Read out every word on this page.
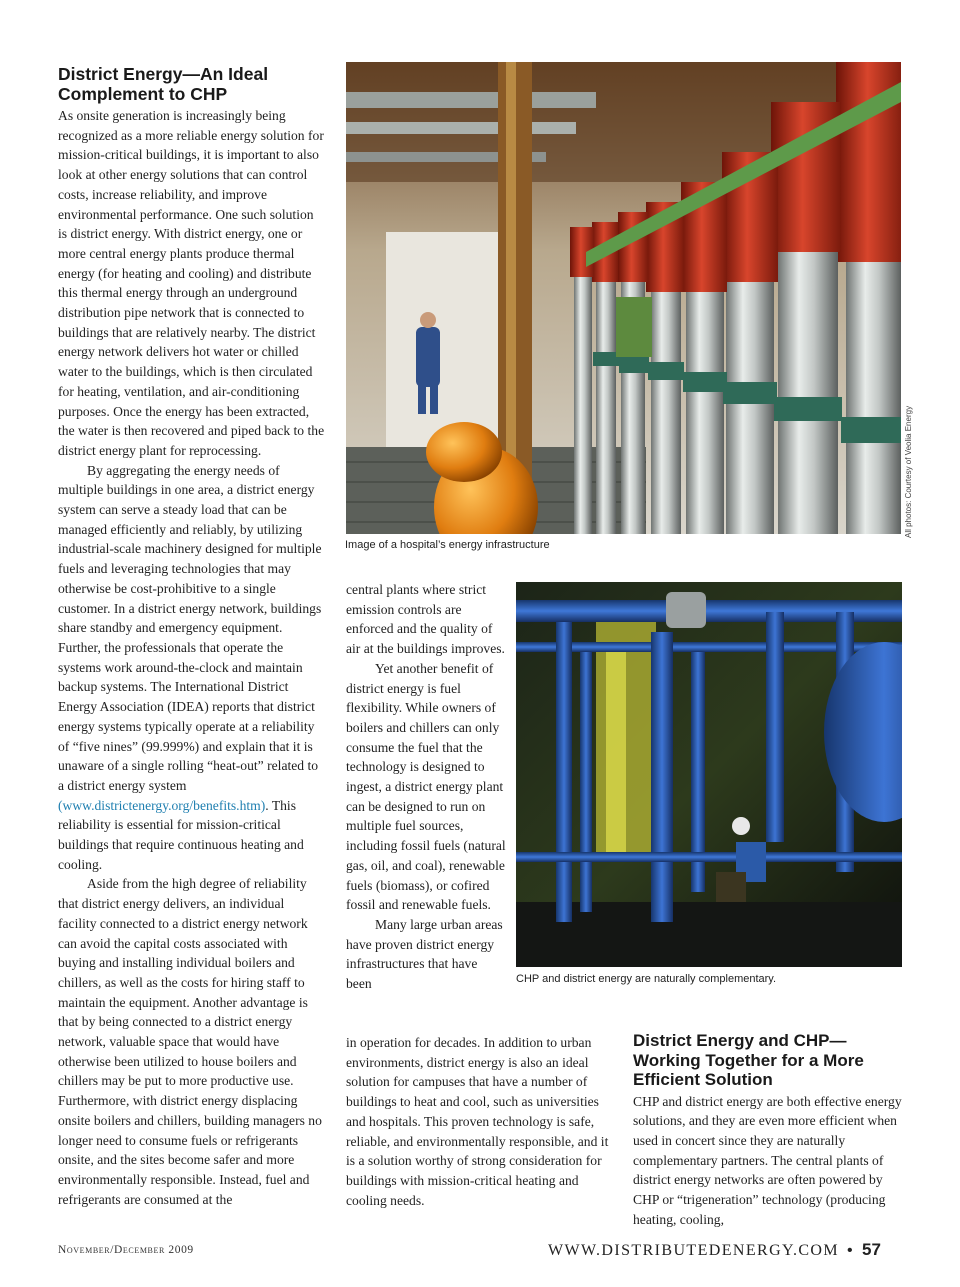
District Energy—An Ideal
Complement to CHP

As onsite generation is increasingly being recognized as a more reliable energy solution for mission-critical buildings, it is important to also look at other energy solutions that can control costs, increase reliability, and improve environmental performance. One such solution is district energy. With district energy, one or more central energy plants produce thermal energy (for heating and cooling) and distribute this thermal energy through an underground distribution pipe network that is connected to buildings that are relatively nearby. The district energy network delivers hot water or chilled water to the buildings, which is then circulated for heating, ventilation, and air-conditioning purposes. Once the energy has been extracted, the water is then recovered and piped back to the district energy plant for reprocessing.

By aggregating the energy needs of multiple buildings in one area, a district energy system can serve a steady load that can be managed efficiently and reliably, by utilizing industrial-scale machinery designed for multiple fuels and leveraging technologies that may otherwise be cost-prohibitive to a single customer. In a district energy network, buildings share standby and emergency equipment. Further, the professionals that operate the systems work around-the-clock and maintain backup systems. The International District Energy Association (IDEA) reports that district energy systems typically operate at a reliability of “five nines” (99.999%) and explain that it is unaware of a single rolling “heat-out” related to a district energy system (www.districtenergy.org/benefits.htm). This reliability is essential for mission-critical buildings that require continuous heating and cooling.

Aside from the high degree of reliability that district energy delivers, an individual facility connected to a district energy network can avoid the capital costs associated with buying and installing individual boilers and chillers, as well as the costs for hiring staff to maintain the equipment. Another advantage is that by being connected to a district energy network, valuable space that would have otherwise been utilized to house boilers and chillers may be put to more productive use. Furthermore, with district energy displacing onsite boilers and chillers, building managers no longer need to consume fuels or refrigerants onsite, and the sites become safer and more environmentally responsible. Instead, fuel and refrigerants are consumed at the

All photos: Courtesy of Veolia Energy
Image of a hospital’s energy infrastructure

central plants where strict emission controls are enforced and the quality of air at the buildings improves.

Yet another benefit of district energy is fuel flexibility. While owners of boilers and chillers can only consume the fuel that the technology is designed to ingest, a district energy plant can be designed to run on multiple fuel sources, including fossil fuels (natural gas, oil, and coal), renewable fuels (biomass), or cofired fossil and renewable fuels.

Many large urban areas have proven district energy infrastructures that have been

in operation for decades. In addition to urban environments, district energy is also an ideal solution for campuses that have a number of buildings to heat and cool, such as universities and hospitals. This proven technology is safe, reliable, and environmentally responsible, and it is a solution worthy of strong consideration for buildings with mission-critical heating and cooling needs.

CHP and district energy are naturally complementary.
District Energy and CHP—
Working Together for a More
Efficient Solution

CHP and district energy are both effective energy solutions, and they are even more efficient when used in concert since they are naturally complementary partners. The central plants of district energy networks are often powered by CHP or “trigeneration” technology (producing heating, cooling,

November/December 2009	WWW.DISTRIBUTEDENERGY.COM • 57
